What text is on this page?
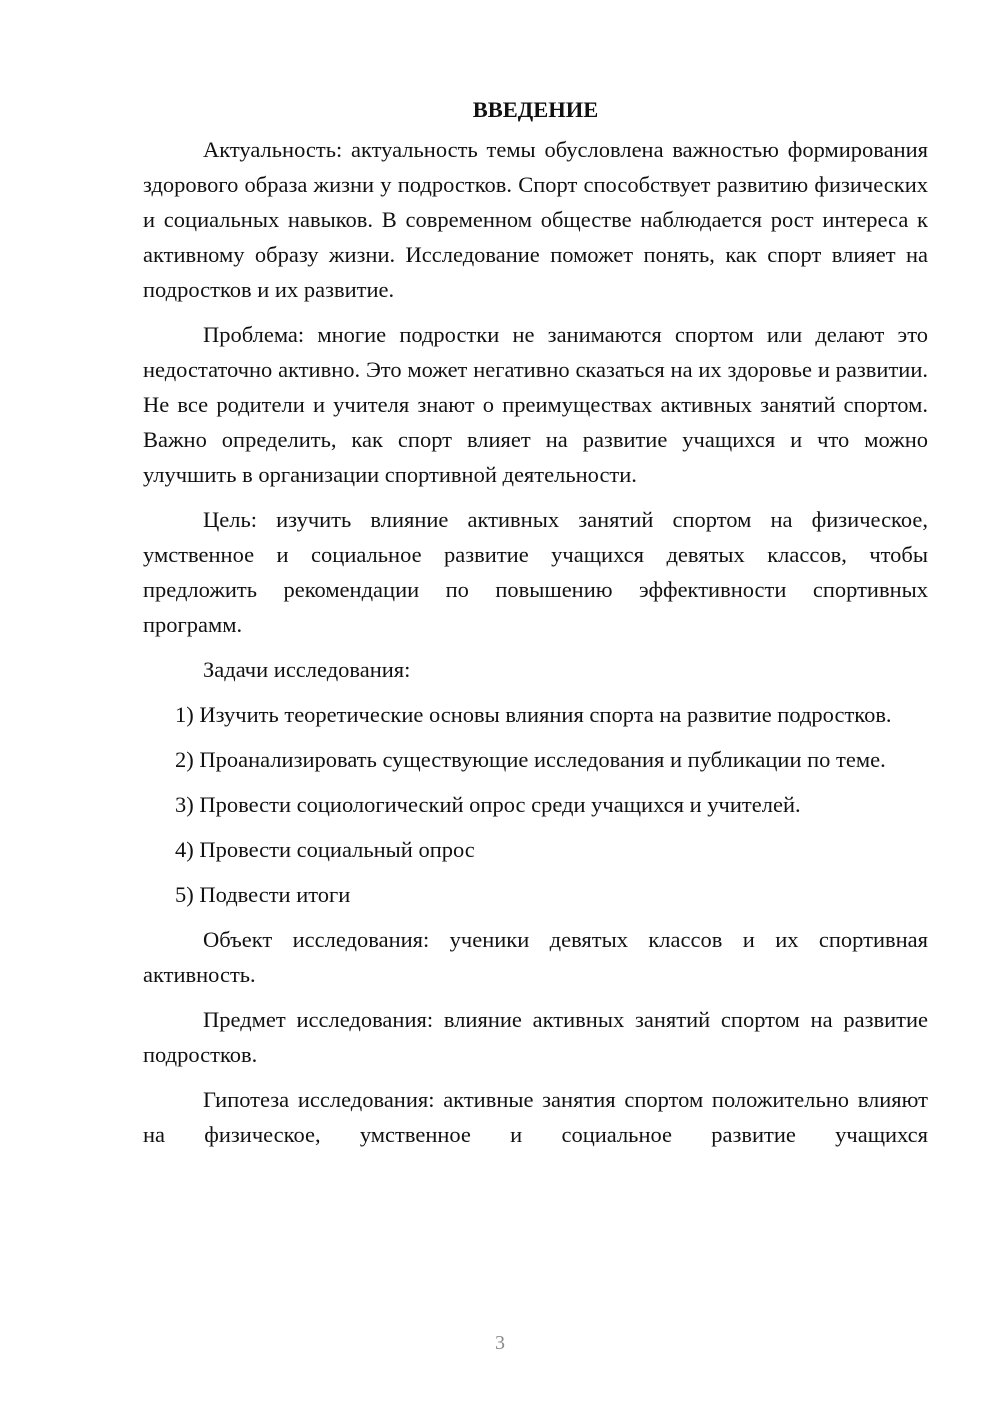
ВВЕДЕНИЕ

Актуальность: актуальность темы обусловлена важностью формирования здорового образа жизни у подростков. Спорт способствует развитию физических и социальных навыков. В современном обществе наблюдается рост интереса к активному образу жизни. Исследование поможет понять, как спорт влияет на подростков и их развитие.

Проблема: многие подростки не занимаются спортом или делают это недостаточно активно. Это может негативно сказаться на их здоровье и развитии. Не все родители и учителя знают о преимуществах активных занятий спортом. Важно определить, как спорт влияет на развитие учащихся и что можно улучшить в организации спортивной деятельности.

Цель: изучить влияние активных занятий спортом на физическое, умственное и социальное развитие учащихся девятых классов, чтобы предложить рекомендации по повышению эффективности спортивных программ.

Задачи исследования:

1) Изучить теоретические основы влияния спорта на развитие подростков.

2) Проанализировать существующие исследования и публикации по теме.

3) Провести социологический опрос среди учащихся и учителей.

4) Провести социальный опрос

5) Подвести итоги

Объект исследования: ученики девятых классов и их спортивная активность.

Предмет исследования: влияние активных занятий спортом на развитие подростков.

Гипотеза исследования: активные занятия спортом положительно влияют на физическое, умственное и социальное развитие учащихся

3
